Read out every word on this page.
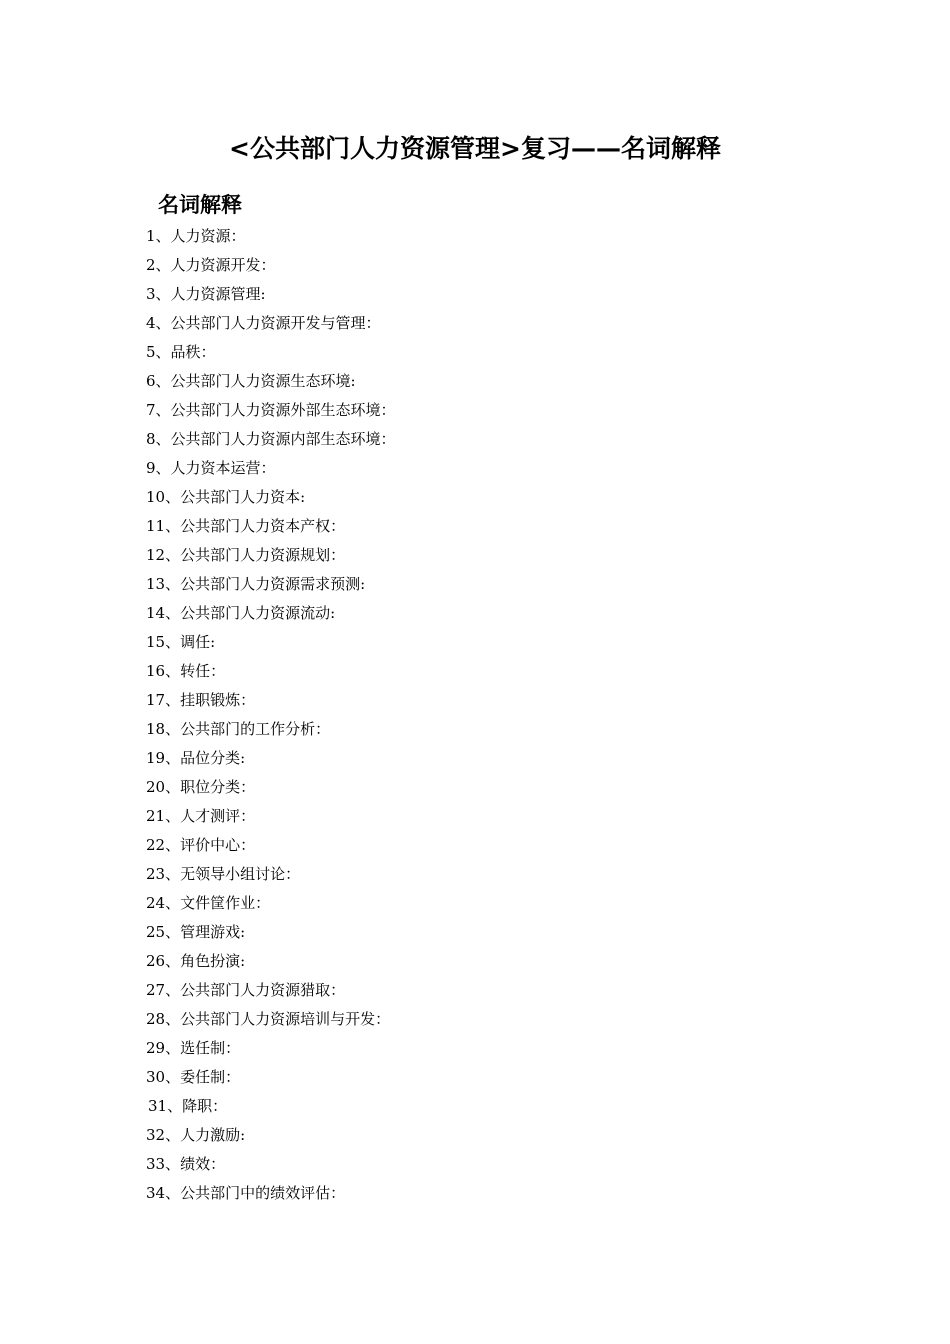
<公共部门人力资源管理>复习——名词解释
名词解释
1、人力资源：
2、人力资源开发：
3、人力资源管理:
4、公共部门人力资源开发与管理：
5、品秩：
6、公共部门人力资源生态环境:
7、公共部门人力资源外部生态环境：
8、公共部门人力资源内部生态环境：
9、人力资本运营：
10、公共部门人力资本:
11、公共部门人力资本产权：
12、公共部门人力资源规划：
13、公共部门人力资源需求预测:
14、公共部门人力资源流动:
15、调任:
16、转任：
17、挂职锻炼：
18、公共部门的工作分析：
19、品位分类:
20、职位分类：
21、人才测评：
22、评价中心：
23、无领导小组讨论：
24、文件筐作业：
25、管理游戏:
26、角色扮演:
27、公共部门人力资源猎取：
28、公共部门人力资源培训与开发：
29、选任制：
30、委任制：
31、降职：
32、人力激励:
33、绩效：
34、公共部门中的绩效评估：
